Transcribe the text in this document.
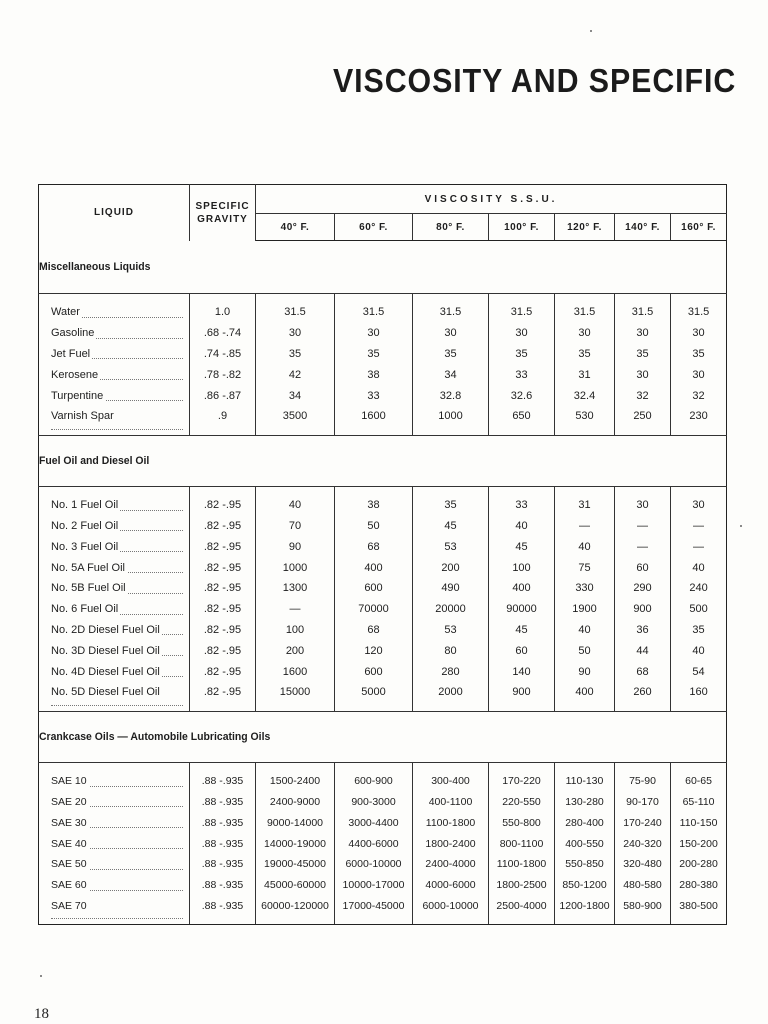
VISCOSITY AND SPECIFIC
LIQUID	SPECIFIC
GRAVITY	VISCOSITY S.S.U.						
		40° F.	60° F.	80° F.	100° F.	120° F.	140° F.	160° F.
Miscellaneous Liquids								

Water	1.0	31.5	31.5	31.5	31.5	31.5	31.5	31.5

Gasoline	.68 -.74	30	30	30	30	30	30	30

Jet Fuel	.74 -.85	35	35	35	35	35	35	35

Kerosene	.78 -.82	42	38	34	33	31	30	30

Turpentine	.86 -.87	34	33	32.8	32.6	32.4	32	32

Varnish Spar	.9	3500	1600	1000	650	530	250	230
Fuel Oil and Diesel Oil								

No. 1 Fuel Oil	.82 -.95	40	38	35	33	31	30	30

No. 2 Fuel Oil	.82 -.95	70	50	45	40	—	—	—

No. 3 Fuel Oil	.82 -.95	90	68	53	45	40	—	—

No. 5A Fuel Oil	.82 -.95	1000	400	200	100	75	60	40

No. 5B Fuel Oil	.82 -.95	1300	600	490	400	330	290	240

No. 6 Fuel Oil	.82 -.95	—	70000	20000	90000	1900	900	500

No. 2D Diesel Fuel Oil	.82 -.95	100	68	53	45	40	36	35

No. 3D Diesel Fuel Oil	.82 -.95	200	120	80	60	50	44	40

No. 4D Diesel Fuel Oil	.82 -.95	1600	600	280	140	90	68	54

No. 5D Diesel Fuel Oil	.82 -.95	15000	5000	2000	900	400	260	160
Crankcase Oils — Automobile Lubricating Oils								

SAE 10	.88 -.935	1500-2400	600-900	300-400	170-220	110-130	75-90	60-65

SAE 20	.88 -.935	2400-9000	900-3000	400-1100	220-550	130-280	90-170	65-110

SAE 30	.88 -.935	9000-14000	3000-4400	1100-1800	550-800	280-400	170-240	110-150

SAE 40	.88 -.935	14000-19000	4400-6000	1800-2400	800-1100	400-550	240-320	150-200

SAE 50	.88 -.935	19000-45000	6000-10000	2400-4000	1100-1800	550-850	320-480	200-280

SAE 60	.88 -.935	45000-60000	10000-17000	4000-6000	1800-2500	850-1200	480-580	280-380

SAE 70	.88 -.935	60000-120000	17000-45000	6000-10000	2500-4000	1200-1800	580-900	380-500
18
